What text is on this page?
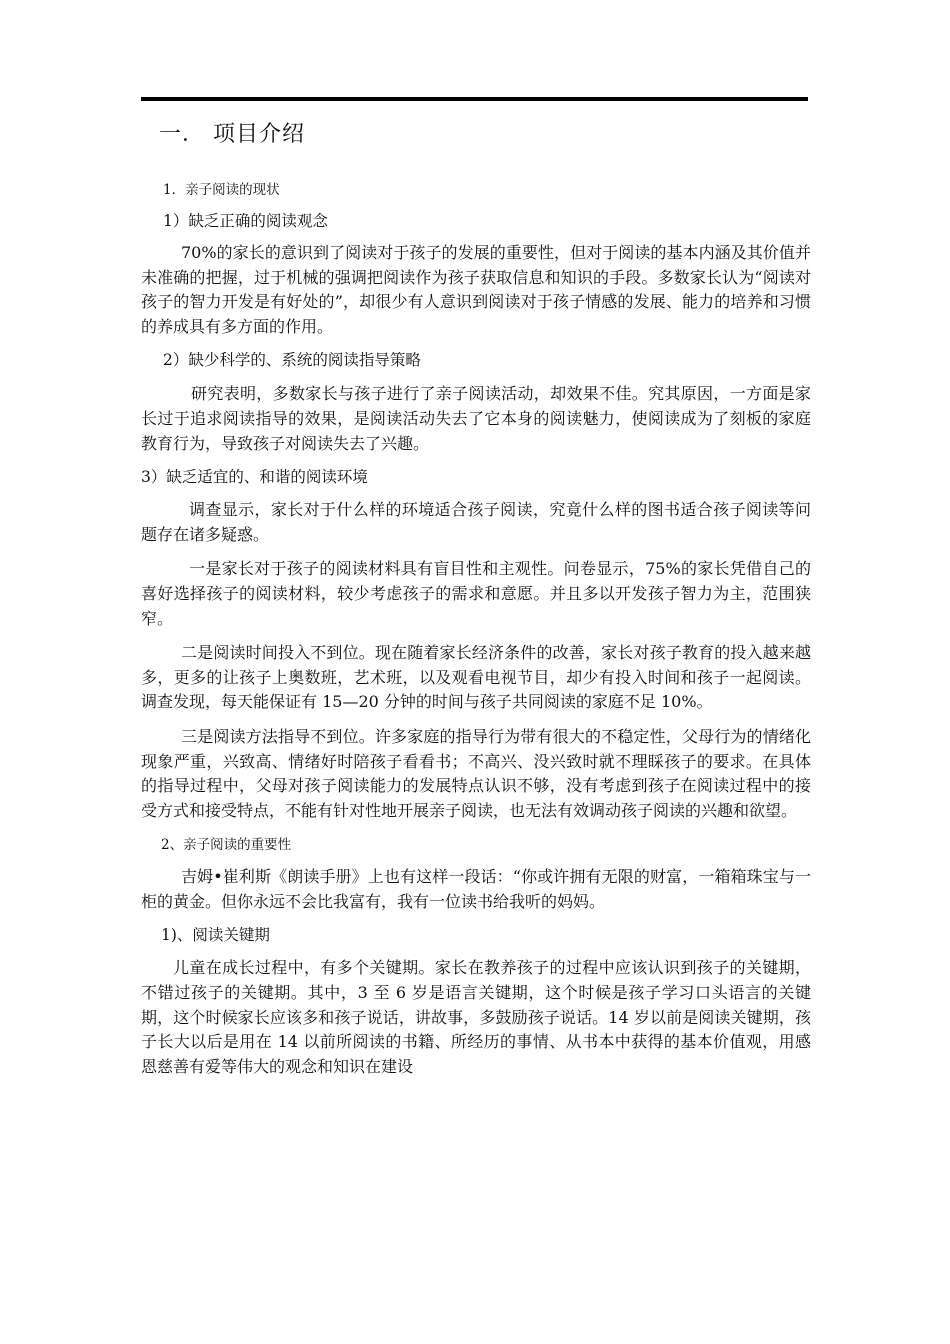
一． 项目介绍
1．亲子阅读的现状
1）缺乏正确的阅读观念

70%的家长的意识到了阅读对于孩子的发展的重要性，但对于阅读的基本内涵及其价值并未准确的把握，过于机械的强调把阅读作为孩子获取信息和知识的手段。多数家长认为“阅读对孩子的智力开发是有好处的”，却很少有人意识到阅读对于孩子情感的发展、能力的培养和习惯的养成具有多方面的作用。

2）缺少科学的、系统的阅读指导策略

研究表明，多数家长与孩子进行了亲子阅读活动，却效果不佳。究其原因，一方面是家长过于追求阅读指导的效果，是阅读活动失去了它本身的阅读魅力，使阅读成为了刻板的家庭教育行为，导致孩子对阅读失去了兴趣。

3）缺乏适宜的、和谐的阅读环境

调查显示，家长对于什么样的环境适合孩子阅读，究竟什么样的图书适合孩子阅读等问题存在诸多疑惑。

一是家长对于孩子的阅读材料具有盲目性和主观性。问卷显示，75%的家长凭借自己的喜好选择孩子的阅读材料，较少考虑孩子的需求和意愿。并且多以开发孩子智力为主，范围狭窄。

二是阅读时间投入不到位。现在随着家长经济条件的改善，家长对孩子教育的投入越来越多，更多的让孩子上奥数班，艺术班，以及观看电视节目，却少有投入时间和孩子一起阅读。 调查发现，每天能保证有 15—20 分钟的时间与孩子共同阅读的家庭不足 10%。

三是阅读方法指导不到位。许多家庭的指导行为带有很大的不稳定性，父母行为的情绪化现象严重，兴致高、情绪好时陪孩子看看书；不高兴、没兴致时就不理睬孩子的要求。在具体的指导过程中，父母对孩子阅读能力的发展特点认识不够，没有考虑到孩子在阅读过程中的接受方式和接受特点，不能有针对性地开展亲子阅读，也无法有效调动孩子阅读的兴趣和欲望。

2、亲子阅读的重要性

吉姆•崔利斯《朗读手册》上也有这样一段话：“你或许拥有无限的财富，一箱箱珠宝与一柜的黄金。但你永远不会比我富有，我有一位读书给我听的妈妈。

1)、阅读关键期

儿童在成长过程中，有多个关键期。家长在教养孩子的过程中应该认识到孩子的关键期，不错过孩子的关键期。其中，3 至 6 岁是语言关键期，这个时候是孩子学习口头语言的关键期，这个时候家长应该多和孩子说话，讲故事，多鼓励孩子说话。14 岁以前是阅读关键期，孩子长大以后是用在 14 以前所阅读的书籍、所经历的事情、从书本中获得的基本价值观，用感恩慈善有爱等伟大的观念和知识在建设
